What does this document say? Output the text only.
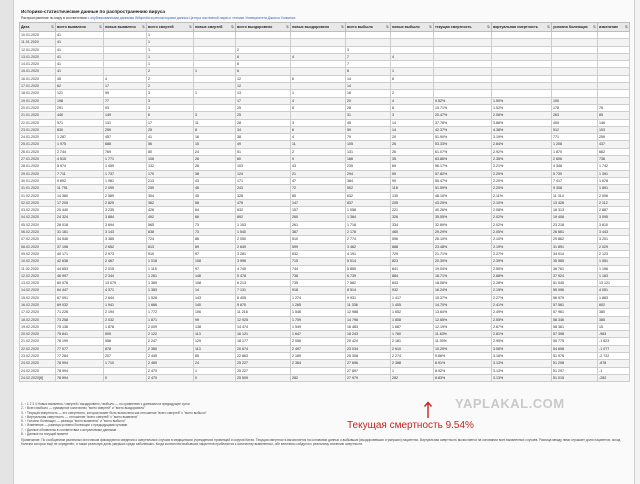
Историко-статистические данные по распространению вируса
Распространение по миру в соответствии с опубликованными данными Wikipedia и репозиторием данных Центра системной науки и техники Университета Джонса Хопкинса
Дата ⇅	всего выявлено ⇅	новых выявлено ⇅	всего смертей ⇅	новых смертей ⇅	всего выздоровело ⇅	новых выздоровело ⇅	всего выбыло ⇅	новых выбыло ⇅	текущая смертность ⇅	виртуальная смертность ⇅	условно болеющих ⇅	изменение ⇅

10.01.2020	41		1									
11.01.2020	41		1									
12.01.2020	41		1		2		3					
13.01.2020	41		1		6	4	7	4				
14.01.2020	41		1		6		7					
15.01.2020	41		2	1	6		8	1				
16.01.2020	45	4	2		12	6	14	6				
17.01.2020	62	17	2		12		14					
18.01.2020	121	59	3	1	13	1	16	2				
19.01.2020	198	77	3		17	4	20	4	9.52%	1.50%	100	
20.01.2020	291	93	3		25	8	28	8	10.71%	1.52%	178	78
21.01.2020	440	149	6	3	25		31	3	20.47%	2.06%	263	85
22.01.2020	571	131	17	11	28	3	45	14	37.78%	3.86%	409	146
23.01.2020	830	259	25	8	34	6	59	14	42.37%	4.38%	512	103
24.01.2020	1 287	457	41	16	38	4	79	20	51.90%	3.19%	771	259
25.01.2020	1 975	688	56	15	49	11	105	26	53.33%	2.84%	1 208	437
26.01.2020	2 744	769	80	24	51	2	131	26	61.07%	2.92%	1 870	662
27.01.2020	4 515	1 771	106	26	60	9	166	35	63.86%	2.35%	2 606	736
28.01.2020	5 974	1 459	132	26	103	43	235	69	56.17%	2.21%	4 348	1 742
29.01.2020	7 711	1 737	170	38	124	21	294	59	57.82%	2.20%	5 739	1 391
30.01.2020	9 692	1 981	213	43	171	47	384	90	55.47%	2.20%	7 417	1 678
31.01.2020	11 791	2 099	259	46	243	72	502	118	51.59%	2.20%	9 308	1 891
01.02.2020	14 380	2 589	304	45	328	85	632	130	48.10%	2.11%	11 314	2 006
02.02.2020	17 205	2 825	362	58	475	147	837	205	43.25%	2.10%	13 426	2 112
03.02.2020	20 440	3 235	426	64	632	157	1 058	221	40.26%	2.08%	16 313	2 887
04.02.2020	24 324	3 884	492	66	892	260	1 384	326	35.55%	2.02%	19 408	3 095
05.02.2020	28 018	3 694	565	73	1 153	261	1 718	334	32.89%	2.02%	23 218	3 810
06.02.2020	31 161	3 143	638	73	1 540	387	2 178	460	29.29%	2.05%	26 661	3 443
07.02.2020	34 546	3 385	724	86	2 050	510	2 774	596	26.10%	2.10%	29 862	3 201
08.02.2020	37 198	2 652	813	89	2 649	599	3 462	688	23.48%	2.19%	31 891	2 029
09.02.2020	40 171	2 973	910	97	3 281	632	4 191	729	21.71%	2.27%	34 014	2 123
10.02.2020	42 638	2 467	1 018	108	3 996	715	5 014	823	20.30%	2.39%	35 565	1 551
11.02.2020	44 653	2 015	1 115	97	4 740	744	5 855	841	19.04%	2.50%	36 761	1 196
12.02.2020	46 997	2 344	1 261	146	5 478	738	6 739	884	18.71%	2.68%	37 924	1 163
13.02.2020	60 076	13 079	1 369	108	6 213	735	7 582	843	18.06%	2.28%	51 045	13 121
14.02.2020	64 447	4 371	1 383	14	7 131	918	8 514	932	16.24%	2.15%	55 096	4 051
15.02.2020	67 091	2 644	1 526	143	8 405	1 274	9 931	1 417	15.37%	2.27%	56 979	1 883
16.02.2020	69 032	1 941	1 666	140	9 670	1 265	11 336	1 405	14.70%	2.41%	57 581	602
17.02.2020	71 226	2 194	1 772	106	11 216	1 546	12 988	1 652	13.64%	2.49%	57 961	380
18.02.2020	73 258	2 032	1 871	99	12 925	1 709	14 796	1 808	12.65%	2.55%	58 346	385
19.02.2020	75 136	1 878	2 009	138	14 474	1 549	16 483	1 687	12.19%	2.67%	58 361	15
20.02.2020	75 641	505	2 122	113	16 121	1 647	18 243	1 760	11.63%	2.81%	57 398	-963
21.02.2020	76 199	558	2 247	125	18 177	2 056	20 424	2 181	11.00%	2.95%	55 775	-1 623
22.02.2020	77 077	878	2 360	113	20 674	2 497	23 034	2 610	10.25%	3.06%	54 698	-1 077
23.02.2020	77 284	207	2 445	85	22 863	2 189	25 308	2 274	9.66%	3.16%	51 976	-2 722
24.02.2020	78 994	1 710	2 469	24	25 227	2 364	27 696	2 388	8.91%	3.13%	51 298	-678
24.02.2020	78 994		2 470	1	25 227		27 697	1	8.92%	3.13%	51 297	-1
24.02.2020[8]	78 994	0	2 470	0	25 509	282	27 979	282	8.83%	3.13%	51 015	-282
1. ↑ 1 2 3 4 Новых выявлено / смертей / выздоровело / выбыло — по сравнению с данными на предыдущие сутки
2. ↑ Всего выбыло — суммарное количество "всего смертей" и "всего выздоровело"
3. ↑ Текущая смертность — это смертность, которая может быть вычислена как отношение "всего смертей" к "всего выбыло"
4. ↑ Виртуальная смертность — отношение "всего смертей" к "всего выявлено"
5. ↑ Условно болеющих — разница "всего выявлено" и "всего выбыло"
6. ↑ Изменение — разница условно болеющих с предыдущими сутками
7. ↑ Данные обновлены в соответствии с актуальными данными
8. ↑ Данные на текущий момент
Примечание: По сообщениям различных источников фиксируются сведения о смертельных случаях в медицинских учреждениях провинций и округов Китая. Текущая смертность вычисляется на основании данных о выбывших (выздоровевших и умерших) пациентах. Виртуальная смертность вычисляется на основании всех выявленных случаев. Разница между ними отражает долю пациентов, исход болезни которых ещё не определён, а также реальную долю умерших среди заболевших. Когда количество выбывших пациентов приблизится к количеству выявленных, обе величины сойдутся к реальному значению смертности.
Текущая смертность 9.54%
YAPLAKAL.COM
